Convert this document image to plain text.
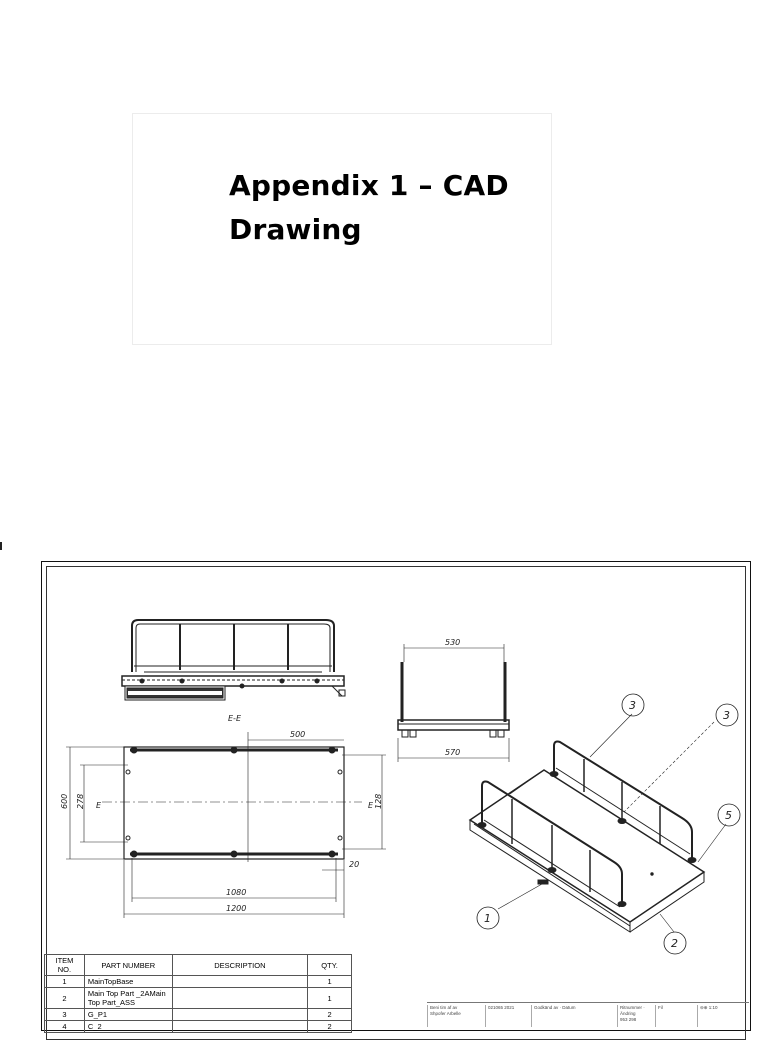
Appendix 1 – CAD
Drawing
E-E
530
570
500
600 278	128
E	E
20
1080
1200
3
3
5
1
2
ITEM NO.	PART NUMBER	DESCRIPTION	QTY.
1	MainTopBase		1
2	Main Top Part _2AMain Top Part_ASS		1
3	G_P1		2
4	C_2		2
Beni tim af av
Shpofer Arbelle
021065 2021	Godkänd av · Datum	Ritnummer · Ändring
953 298
Fil	⊖⊕ 1:10
